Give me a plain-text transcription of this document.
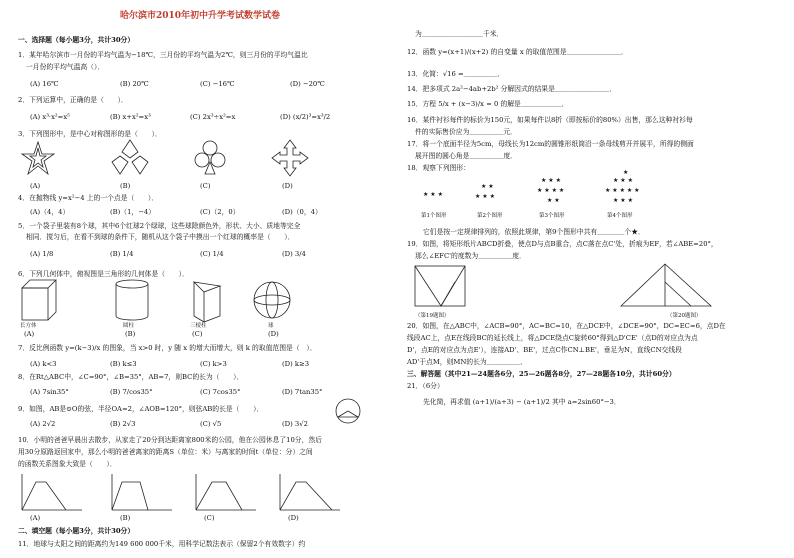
哈尔滨市2010年初中升学考试数学试卷
一、选择题（每小题3分，共计30分）
1．某年哈尔滨市一月份的平均气温为−18℃，三月份的平均气温为2℃，则三月份的平均气温比
一月份的平均气温高（）．
(A) 16℃	(B) 20℃	(C) −16℃	(D) −20℃
2．下列运算中，正确的是（　　）．
(A) x³·x²=x⁵	(B) x+x²=x³	(C) 2x³÷x²=x	(D) (x/2)³=x³/2
3．下列图形中，是中心对称图形的是（　　）．
(A)	(B)	(C)	(D)
4．在抛物线 y=x²−4 上的一个点是（　　）．
(A)（4，4）	(B)（1，−4）	(C)（2，0）	(D)（0，4）
5．一个袋子里装有8个球，其中6个红球2个绿球，这些球除颜色外，形状、大小、质地等完全
相同．搅匀后，在看不到球的条件下，随机从这个袋子中摸出一个红球的概率是（　　）．
(A) 1/8	(B) 1/4	(C) 1/4	(D) 3/4
6．下列几何体中，俯视图是三角形的几何体是（　　）．
长方体	圆柱	三棱柱	球
(A)	(B)	(C)	(D)
7．反比例函数 y=(k−3)/x 的图象，当 x>0 时，y 随 x 的增大而增大，则 k 的取值范围是（　）．
(A) k<3	(B) k≤3	(C) k>3	(D) k≥3
8．在Rt△ABC中，∠C=90°，∠B=35°，AB=7，则BC的长为（　　）．
(A) 7sin35°	(B) 7/cos35°	(C) 7cos35°	(D) 7tan35°
9．如图，AB是⊙O的弦，半径OA=2，∠AOB=120°，则弦AB的长是（　　）．
(A) 2√2	(B) 2√3	(C) √5	(D) 3√2
10．小明的爸爸早晨出去散步，从家走了20分到达距离家800米的公园，他在公园休息了10分，然后
用30分原路返回家中，那么小明的爸爸离家的距离S（单位：米）与离家的时间t（单位：分）之间
的函数关系图象大致是（　　）．
(A)	(B)	(C)	(D)
二、填空题（每小题3分，共计30分）
11．地球与太阳之间的距离约为149 600 000千米，用科学记数法表示（保留2个有效数字）约
为＿＿＿＿＿＿＿＿＿千米．
12．函数 y=(x+1)/(x+2) 的自变量 x 的取值范围是＿＿＿＿＿＿＿＿．
13．化简：√16 =＿＿＿＿＿．
14．把多项式 2a²−4ab+2b² 分解因式的结果是＿＿＿＿＿＿＿＿．
15．方程 5/x + (x−3)/x = 0 的解是＿＿＿＿＿＿．
16．某件衬衫每件的标价为150元，如果每件以8折（即按标价的80%）出售，那么这种衬衫每
件的实际售价应为＿＿＿＿＿元．
17．将一个底面半径为5cm，母线长为12cm的圆锥形纸筒沿一条母线剪开并展平，所得的侧面
展开图的圆心角是＿＿＿＿＿度．
18．观察下列图形：
★ ★ ★
★ ★
★ ★ ★
★ ★ ★
★ ★ ★ ★
★ ★
★
★ ★ ★
★ ★ ★ ★ ★
★ ★ ★
第1个图形	第2个图形	第3个图形	第4个图形
它们是按一定规律排列的，依照此规律，第9个图形中共有＿＿＿＿个★．
19．如图，将矩形纸片ABCD折叠，使点D与点B重合，点C落在点C'处，折痕为EF，若∠ABE=20°，
那么∠EFC'的度数为＿＿＿＿＿度．
（第19题图）	（第20题图）
20．如图，在△ABC中，∠ACB=90°，AC=BC=10，在△DCE中，∠DCE=90°，DC=EC=6，点D在
线段AC上，点E在线段BC的延长线上，将△DCE绕点C旋转60°得到△D'CE'（点D的对应点为点
D'，点E的对应点为点E'），连接AD'、BE'，过点C作CN⊥BE'，垂足为N，直线CN交线段
AD'于点M，则MN的长为＿＿＿＿＿．
三、解答题（其中21—24题各6分，25—26题各8分，27—28题各10分，共计60分）
21．（6分）
先化简，再求值 (a+1)/(a+3) − (a+1)/2 其中 a=2sin60°−3．
